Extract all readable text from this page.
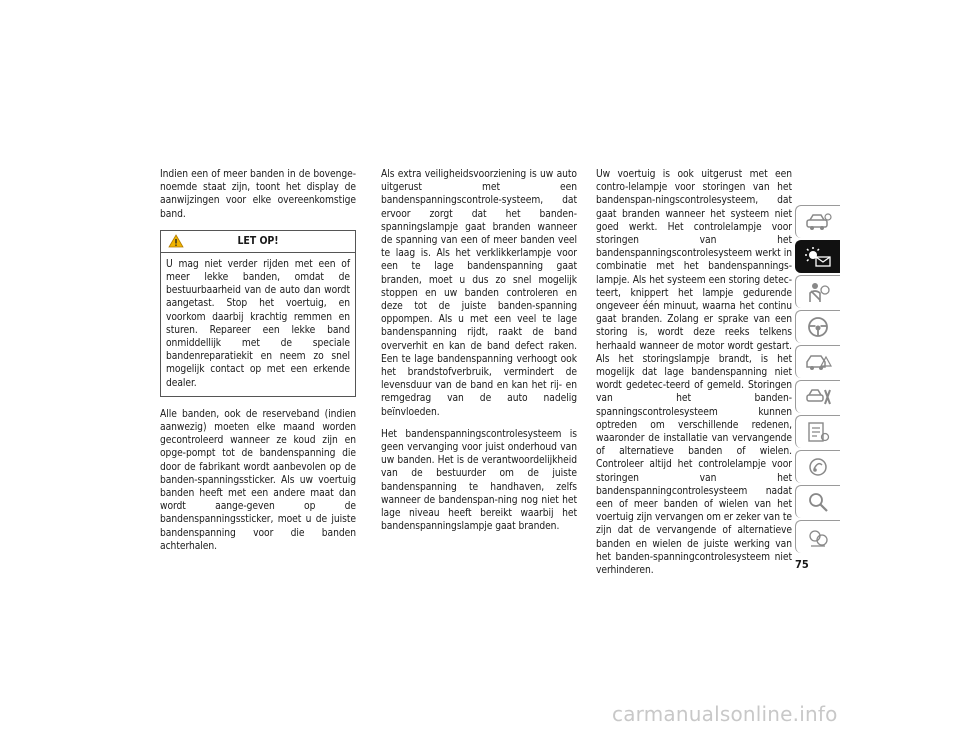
Indien een of meer banden in de bovenge-noemde staat zijn, toont het display de aanwijzingen voor elke overeenkomstige band.

LET OP!
U mag niet verder rijden met een of meer lekke banden, omdat de bestuurbaarheid van de auto dan wordt aangetast. Stop het voertuig, en voorkom daarbij krachtig remmen en sturen. Repareer een lekke band onmiddellijk met de speciale bandenreparatiekit en neem zo snel mogelijk contact op met een erkende dealer.

Alle banden, ook de reserveband (indien aanwezig) moeten elke maand worden gecontroleerd wanneer ze koud zijn en opge-pompt tot de bandenspanning die door de fabrikant wordt aanbevolen op de banden-spanningssticker. Als uw voertuig banden heeft met een andere maat dan wordt aange-geven op de bandenspanningssticker, moet u de juiste bandenspanning voor die banden achterhalen.

Als extra veiligheidsvoorziening is uw auto uitgerust met een bandenspanningscontrole-systeem, dat ervoor zorgt dat het banden-spanningslampje gaat branden wanneer de spanning van een of meer banden veel te laag is. Als het verklikkerlampje voor een te lage bandenspanning gaat branden, moet u dus zo snel mogelijk stoppen en uw banden controleren en deze tot de juiste banden-spanning oppompen. Als u met een veel te lage bandenspanning rijdt, raakt de band oververhit en kan de band defect raken. Een te lage bandenspanning verhoogt ook het brandstofverbruik, vermindert de levensduur van de band en kan het rij- en remgedrag van de auto nadelig beïnvloeden.

Het bandenspanningscontrolesysteem is geen vervanging voor juist onderhoud van uw banden. Het is de verantwoordelijkheid van de bestuurder om de juiste bandenspanning te handhaven, zelfs wanneer de bandenspan-ning nog niet het lage niveau heeft bereikt waarbij het bandenspanningslampje gaat branden.

Uw voertuig is ook uitgerust met een contro-lelampje voor storingen van het bandenspan-ningscontrolesysteem, dat gaat branden wanneer het systeem niet goed werkt. Het controlelampje voor storingen van het bandenspanningscontrolesysteem werkt in combinatie met het bandenspannings-lampje. Als het systeem een storing detec-teert, knippert het lampje gedurende ongeveer één minuut, waarna het continu gaat branden. Zolang er sprake van een storing is, wordt deze reeks telkens herhaald wanneer de motor wordt gestart. Als het storingslampje brandt, is het mogelijk dat lage bandenspanning niet wordt gedetec-teerd of gemeld. Storingen van het banden-spanningscontrolesysteem kunnen optreden om verschillende redenen, waaronder de installatie van vervangende of alternatieve banden of wielen. Controleer altijd het controlelampje voor storingen van het bandenspanningcontrolesysteem nadat een of meer banden of wielen van het voertuig zijn vervangen om er zeker van te zijn dat de vervangende of alternatieve banden en wielen de juiste werking van het banden-spanningcontrolesysteem niet verhinderen.	75
carmanualsonline.info
